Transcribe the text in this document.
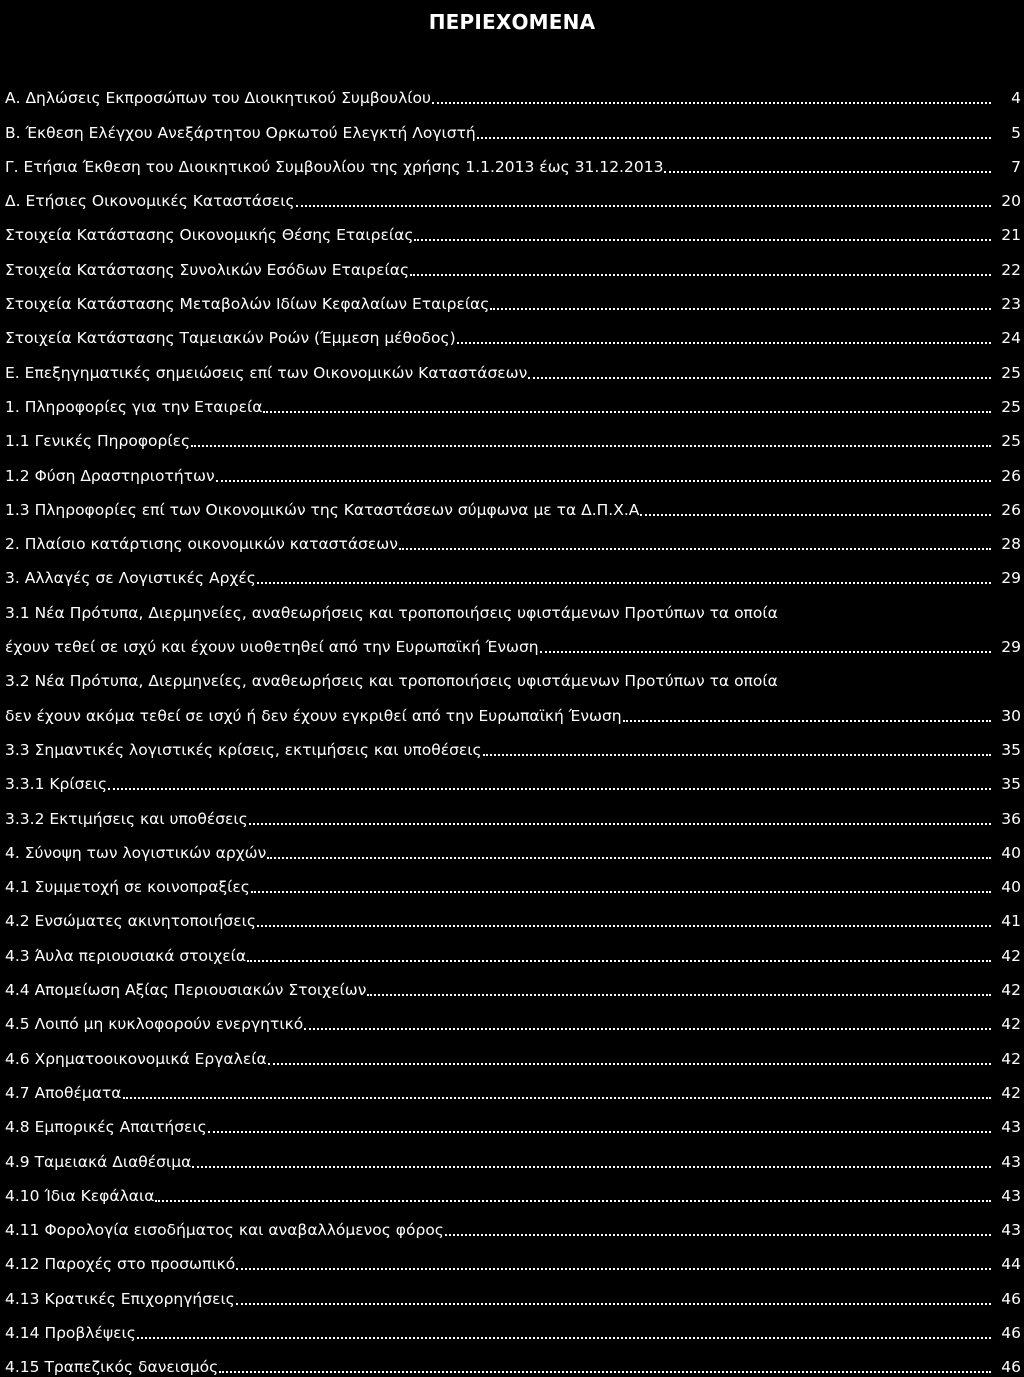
ΠΕΡΙΕΧΟΜΕΝΑ
Α. Δηλώσεις Εκπροσώπων του Διοικητικού Συμβουλίου	4
Β. Έκθεση Ελέγχου Ανεξάρτητου Ορκωτού Ελεγκτή Λογιστή	5
Γ. Ετήσια Έκθεση του Διοικητικού Συμβουλίου της χρήσης 1.1.2013 έως 31.12.2013	7
Δ. Ετήσιες Οικονομικές Καταστάσεις	20
Στοιχεία Κατάστασης Οικονομικής Θέσης Εταιρείας	21
Στοιχεία Κατάστασης Συνολικών Εσόδων Εταιρείας	22
Στοιχεία Κατάστασης Μεταβολών Ιδίων Κεφαλαίων Εταιρείας	23
Στοιχεία Κατάστασης Ταμειακών Ροών (Έμμεση μέθοδος)	24
Ε. Επεξηγηματικές σημειώσεις επί των Οικονομικών Καταστάσεων	25
1. Πληροφορίες για την Εταιρεία	25
1.1 Γενικές Πηροφορίες	25
1.2 Φύση Δραστηριοτήτων	26
1.3 Πληροφορίες επί των Οικονομικών της Καταστάσεων σύμφωνα με τα Δ.Π.Χ.Α	26
2. Πλαίσιο κατάρτισης οικονομικών καταστάσεων	28
3. Αλλαγές σε Λογιστικές Αρχές	29
3.1 Νέα Πρότυπα, Διερμηνείες, αναθεωρήσεις και τροποποιήσεις υφιστάμενων Προτύπων τα οποία
έχουν τεθεί σε ισχύ και έχουν υιοθετηθεί από την Ευρωπαϊκή Ένωση	29
3.2 Νέα Πρότυπα, Διερμηνείες, αναθεωρήσεις και τροποποιήσεις υφιστάμενων Προτύπων τα οποία
δεν έχουν ακόμα τεθεί σε ισχύ ή δεν έχουν εγκριθεί από την Ευρωπαϊκή Ένωση	30
3.3 Σημαντικές λογιστικές κρίσεις, εκτιμήσεις και υποθέσεις	35
3.3.1 Κρίσεις	35
3.3.2 Εκτιμήσεις και υποθέσεις	36
4. Σύνοψη των λογιστικών αρχών	40
4.1 Συμμετοχή σε κοινοπραξίες	40
4.2 Ενσώματες ακινητοποιήσεις	41
4.3 Άυλα περιουσιακά στοιχεία	42
4.4 Απομείωση Αξίας Περιουσιακών Στοιχείων	42
4.5 Λοιπό μη κυκλοφορούν ενεργητικό	42
4.6 Χρηματοοικονομικά Εργαλεία	42
4.7 Αποθέματα	42
4.8 Εμπορικές Απαιτήσεις	43
4.9 Ταμειακά Διαθέσιμα	43
4.10 Ίδια Κεφάλαια	43
4.11 Φορολογία εισοδήματος και αναβαλλόμενος φόρος	43
4.12 Παροχές στο προσωπικό	44
4.13 Κρατικές Επιχορηγήσεις	46
4.14 Προβλέψεις	46
4.15 Τραπεζικός δανεισμός	46
